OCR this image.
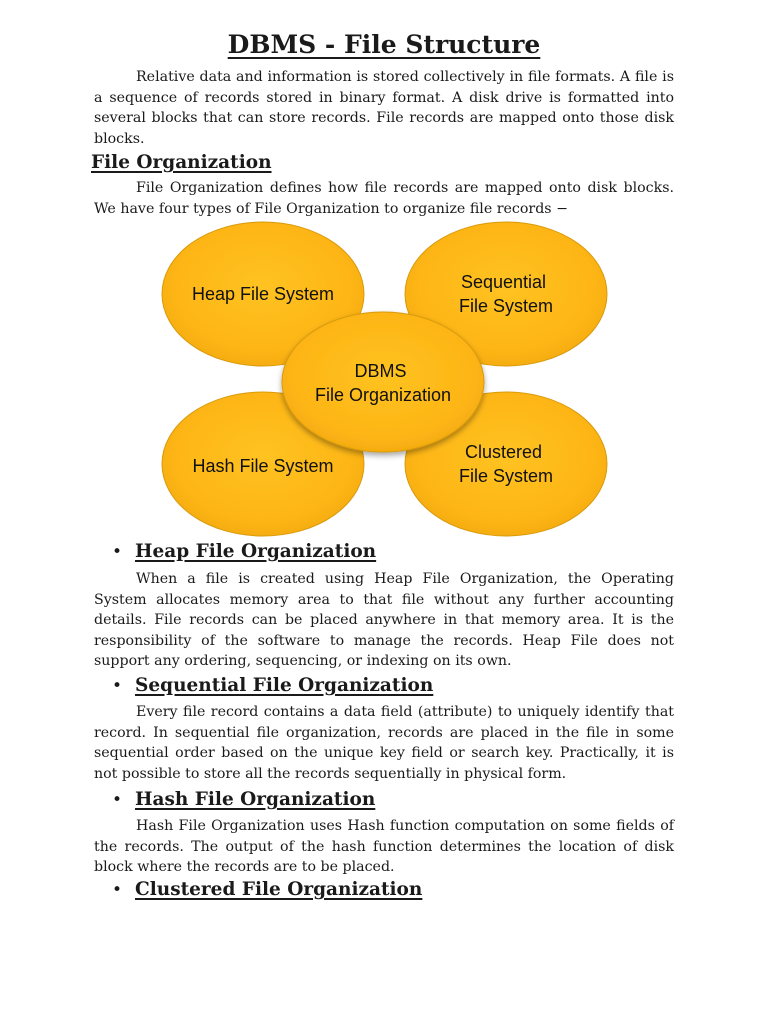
DBMS - File Structure

Relative data and information is stored collectively in file formats. A file is a sequence of records stored in binary format. A disk drive is formatted into several blocks that can store records. File records are mapped onto those disk blocks.

File Organization

File Organization defines how file records are mapped onto disk blocks. We have four types of File Organization to organize file records −

Heap File System
Sequential File System
Hash File System
Clustered File System
DBMS File Organization
• Heap File Organization

When a file is created using Heap File Organization, the Operating System allocates memory area to that file without any further accounting details. File records can be placed anywhere in that memory area. It is the responsibility of the software to manage the records. Heap File does not support any ordering, sequencing, or indexing on its own.

• Sequential File Organization

Every file record contains a data field (attribute) to uniquely identify that record. In sequential file organization, records are placed in the file in some sequential order based on the unique key field or search key. Practically, it is not possible to store all the records sequentially in physical form.

• Hash File Organization

Hash File Organization uses Hash function computation on some fields of the records. The output of the hash function determines the location of disk block where the records are to be placed.

• Clustered File Organization
